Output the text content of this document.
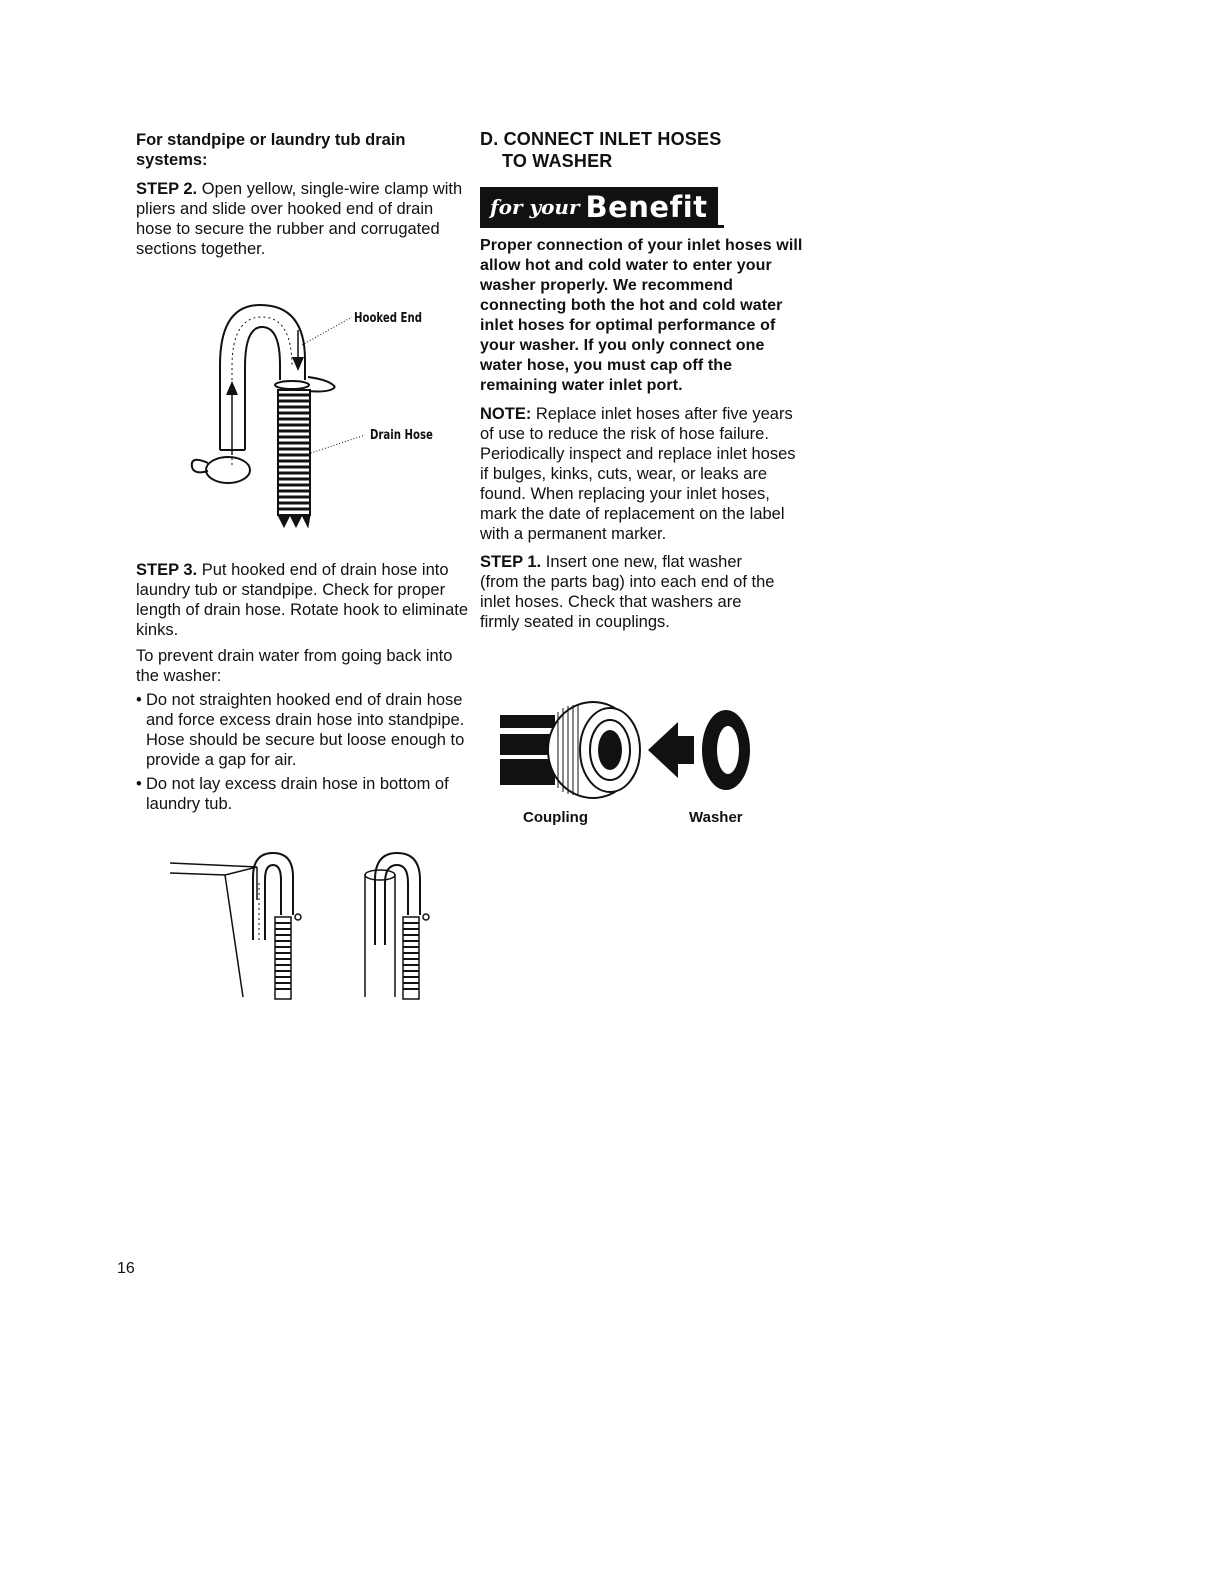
For standpipe or laundry tub drain systems:

STEP 2. Open yellow, single-wire clamp with pliers and slide over hooked end of drain hose to secure the rubber and corrugated sections together.

STEP 3. Put hooked end of drain hose into laundry tub or standpipe. Check for proper length of drain hose. Rotate hook to eliminate kinks.

To prevent drain water from going back into the washer:

• Do not straighten hooked end of drain hose and force excess drain hose into standpipe. Hose should be secure but loose enough to provide a gap for air.
• Do not lay excess drain hose in bottom of laundry tub.
Hooked End
Drain Hose
D. CONNECT INLET HOSES
TO WASHER
for your Benefit

Proper connection of your inlet hoses will allow hot and cold water to enter your washer properly. We recommend connecting both the hot and cold water inlet hoses for optimal performance of your washer. If you only connect one water hose, you must cap off the remaining water inlet port.

NOTE: Replace inlet hoses after five years of use to reduce the risk of hose failure. Periodically inspect and replace inlet hoses if bulges, kinks, cuts, wear, or leaks are found. When replacing your inlet hoses, mark the date of replacement on the label with a permanent marker.

STEP 1. Insert one new, flat washer (from the parts bag) into each end of the inlet hoses. Check that washers are firmly seated in couplings.

Coupling	Washer
16
